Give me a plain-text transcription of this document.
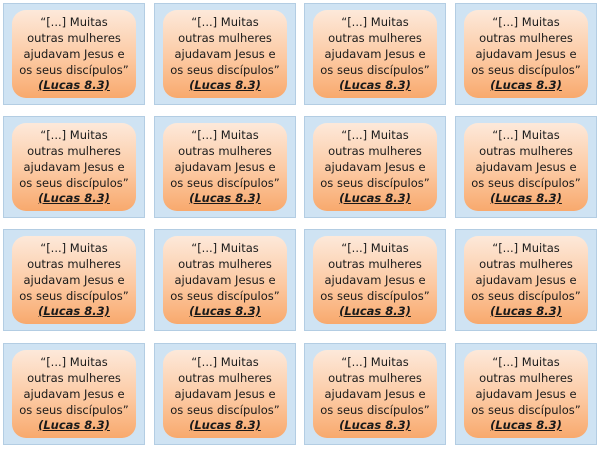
“[...] Muitas
outras mulheres
ajudavam Jesus e
os seus discípulos”
(Lucas 8.3)
“[...] Muitas
outras mulheres
ajudavam Jesus e
os seus discípulos”
(Lucas 8.3)
“[...] Muitas
outras mulheres
ajudavam Jesus e
os seus discípulos”
(Lucas 8.3)
“[...] Muitas
outras mulheres
ajudavam Jesus e
os seus discípulos”
(Lucas 8.3)
“[...] Muitas
outras mulheres
ajudavam Jesus e
os seus discípulos”
(Lucas 8.3)
“[...] Muitas
outras mulheres
ajudavam Jesus e
os seus discípulos”
(Lucas 8.3)
“[...] Muitas
outras mulheres
ajudavam Jesus e
os seus discípulos”
(Lucas 8.3)
“[...] Muitas
outras mulheres
ajudavam Jesus e
os seus discípulos”
(Lucas 8.3)
“[...] Muitas
outras mulheres
ajudavam Jesus e
os seus discípulos”
(Lucas 8.3)
“[...] Muitas
outras mulheres
ajudavam Jesus e
os seus discípulos”
(Lucas 8.3)
“[...] Muitas
outras mulheres
ajudavam Jesus e
os seus discípulos”
(Lucas 8.3)
“[...] Muitas
outras mulheres
ajudavam Jesus e
os seus discípulos”
(Lucas 8.3)
“[...] Muitas
outras mulheres
ajudavam Jesus e
os seus discípulos”
(Lucas 8.3)
“[...] Muitas
outras mulheres
ajudavam Jesus e
os seus discípulos”
(Lucas 8.3)
“[...] Muitas
outras mulheres
ajudavam Jesus e
os seus discípulos”
(Lucas 8.3)
“[...] Muitas
outras mulheres
ajudavam Jesus e
os seus discípulos”
(Lucas 8.3)
